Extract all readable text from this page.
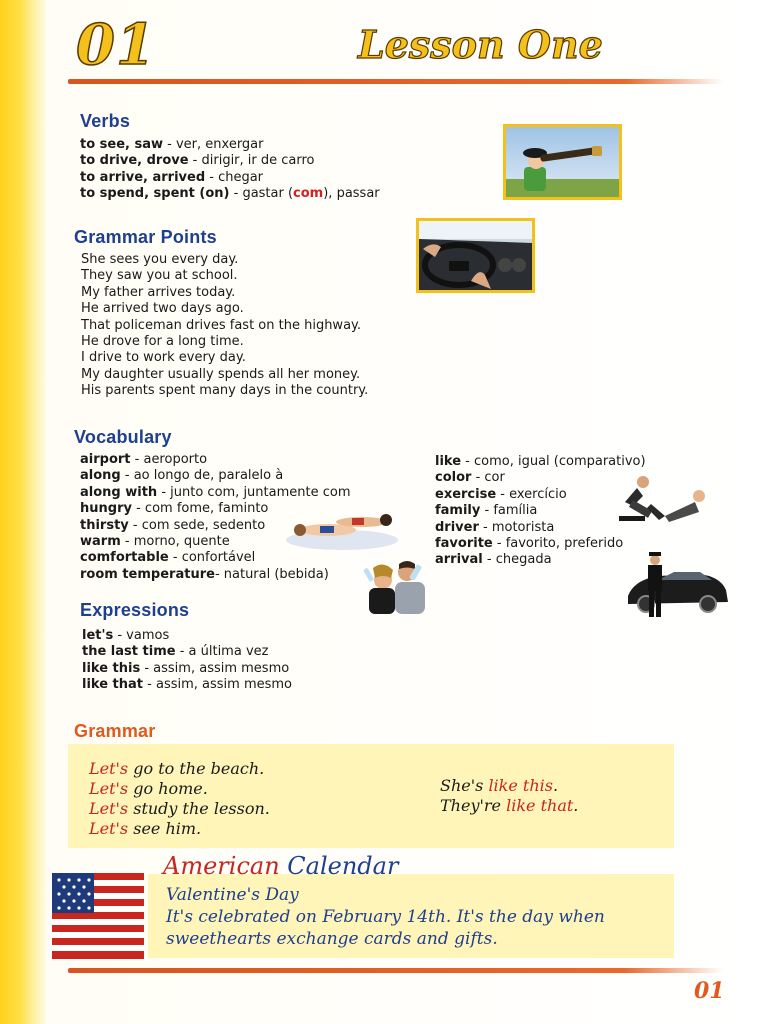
01	Lesson One
Verbs
to see, saw - ver, enxergar
to drive, drove - dirigir, ir de carro
to arrive, arrived - chegar
to spend, spent (on) - gastar (com), passar
Grammar Points
She sees you every day.
They saw you at school.
My father arrives today.
He arrived two days ago.
That policeman drives fast on the highway.
He drove for a long time.
I drive to work every day.
My daughter usually spends all her money.
His parents spent many days in the country.
Vocabulary
airport - aeroporto
along - ao longo de, paralelo à
along with - junto com, juntamente com
hungry - com fome, faminto
thirsty - com sede, sedento
warm - morno, quente
comfortable - confortável
room temperature- natural (bebida)
like - como, igual (comparativo)
color - cor
exercise - exercício
family - família
driver - motorista
favorite - favorito, preferido
arrival - chegada
Expressions
let's - vamos
the last time - a última vez
like this - assim, assim mesmo
like that - assim, assim mesmo
Grammar
Let's go to the beach.
Let's go home.
Let's study the lesson.
Let's see him.
She's like this.
They're like that.
American Calendar
Valentine's Day
It's celebrated on February 14th. It's the day when
sweethearts exchange cards and gifts.
01
